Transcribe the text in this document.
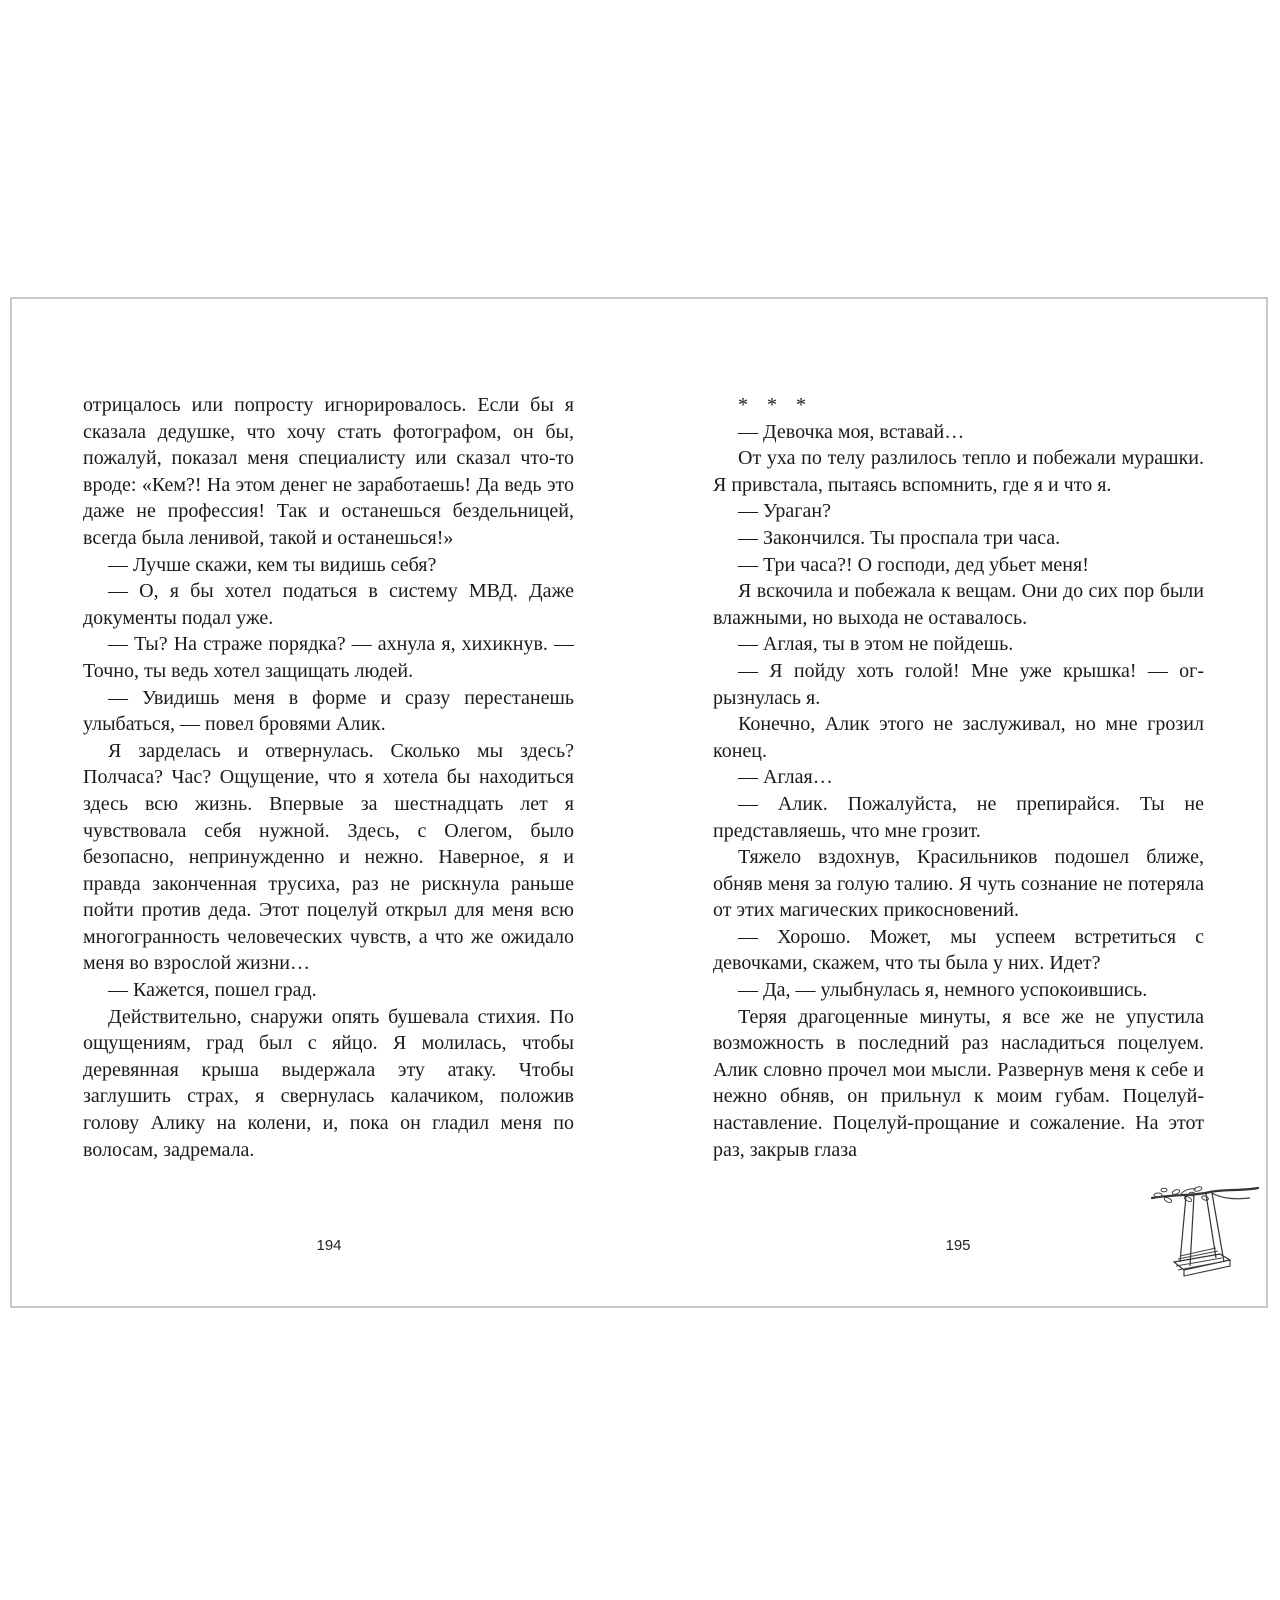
отрицалось или попросту игнорировалось. Если бы я сказала дедушке, что хочу стать фотографом, он бы, пожалуй, показал меня специалисту или сказал что-то вроде: «Кем?! На этом денег не заработаешь! Да ведь это даже не профессия! Так и останешься бездельницей, всегда была ленивой, такой и останешься!»

— Лучше скажи, кем ты видишь себя?

— О, я бы хотел податься в систему МВД. Даже документы подал уже.

— Ты? На страже порядка? — ахнула я, хихикнув. — Точно, ты ведь хотел защищать людей.

— Увидишь меня в форме и сразу перестанешь улыбаться, — повел бровями Алик.

Я зарделась и отвернулась. Сколько мы здесь? Полчаса? Час? Ощущение, что я хотела бы находиться здесь всю жизнь. Впервые за шестнадцать лет я чувствовала себя нужной. Здесь, с Олегом, было безопасно, непринужденно и нежно. Наверное, я и правда законченная трусиха, раз не рискнула раньше пойти против деда. Этот поцелуй открыл для меня всю многогранность человеческих чувств, а что же ожидало меня во взрослой жизни…

— Кажется, пошел град.

Действительно, снаружи опять бушевала стихия. По ощущениям, град был с яйцо. Я молилась, чтобы деревянная крыша выдержала эту атаку. Чтобы заглушить страх, я свернулась калачиком, положив голову Алику на колени, и, пока он гладил меня по волосам, задремала.

194

* * *

— Девочка моя, вставай…

От уха по телу разлилось тепло и побежали мурашки. Я привстала, пытаясь вспомнить, где я и что я.

— Ураган?

— Закончился. Ты проспала три часа.

— Три часа?! О господи, дед убьет меня!

Я вскочила и побежала к вещам. Они до сих пор были влажными, но выхода не оставалось.

— Аглая, ты в этом не пойдешь.

— Я пойду хоть голой! Мне уже крышка! — огрызнулась я.

Конечно, Алик этого не заслуживал, но мне грозил конец.

— Аглая…

— Алик. Пожалуйста, не препирайся. Ты не представляешь, что мне грозит.

Тяжело вздохнув, Красильников подошел ближе, обняв меня за голую талию. Я чуть сознание не потеряла от этих магических прикосновений.

— Хорошо. Может, мы успеем встретиться с девочками, скажем, что ты была у них. Идет?

— Да, — улыбнулась я, немного успокоившись.

Теряя драгоценные минуты, я все же не упустила возможность в последний раз насладиться поцелуем. Алик словно прочел мои мысли. Развернув меня к себе и нежно обняв, он прильнул к моим губам. Поцелуй-наставление. Поцелуй-прощание и сожаление. На этот раз, закрыв глаза

195
